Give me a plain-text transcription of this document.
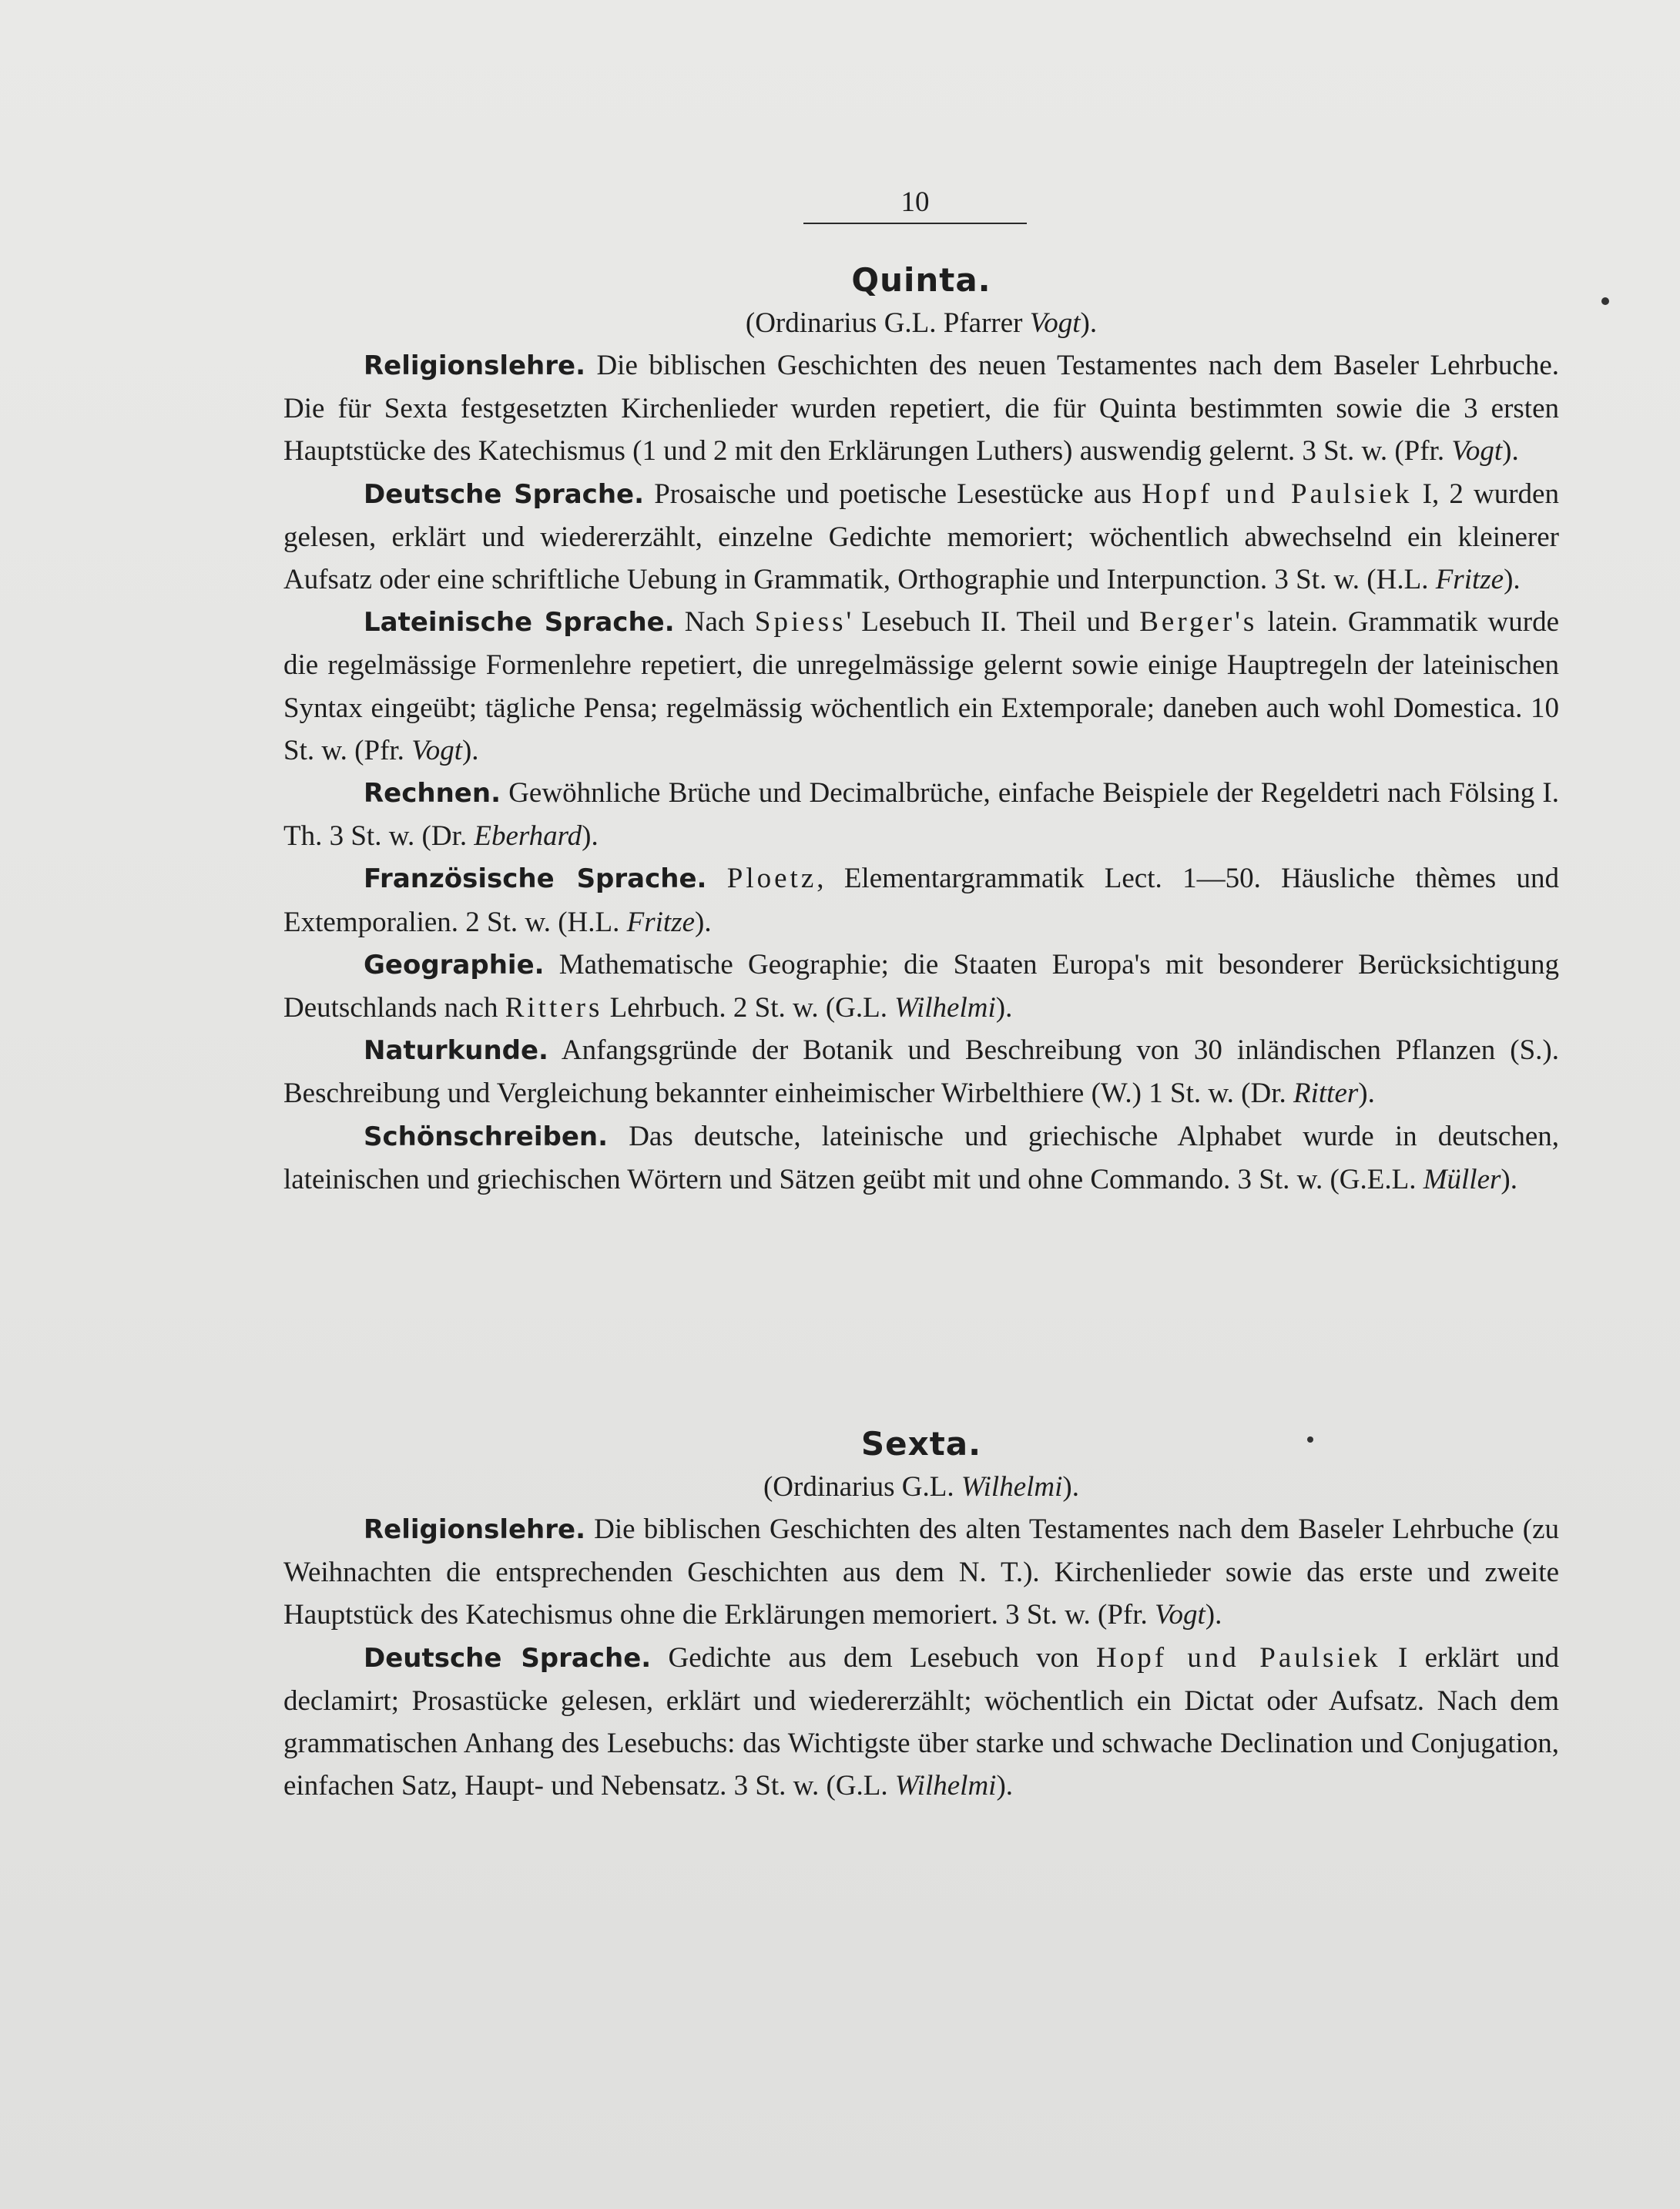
10
Quinta.

(Ordinarius G.L. Pfarrer Vogt).

Religionslehre. Die biblischen Geschichten des neuen Testamentes nach dem Baseler Lehrbuche. Die für Sexta festgesetzten Kirchenlieder wurden repetiert, die für Quinta bestimmten sowie die 3 ersten Hauptstücke des Katechismus (1 und 2 mit den Erklärungen Luthers) auswendig gelernt. 3 St. w. (Pfr. Vogt).

Deutsche Sprache. Prosaische und poetische Lesestücke aus Hopf und Paulsiek I, 2 wurden gelesen, erklärt und wiedererzählt, einzelne Gedichte memoriert; wöchentlich abwechselnd ein kleinerer Aufsatz oder eine schriftliche Uebung in Grammatik, Orthographie und Interpunction. 3 St. w. (H.L. Fritze).

Lateinische Sprache. Nach Spiess' Lesebuch II. Theil und Berger's latein. Grammatik wurde die regelmässige Formenlehre repetiert, die unregelmässige gelernt sowie einige Hauptregeln der lateinischen Syntax eingeübt; tägliche Pensa; regelmässig wöchentlich ein Extemporale; daneben auch wohl Domestica. 10 St. w. (Pfr. Vogt).

Rechnen. Gewöhnliche Brüche und Decimalbrüche, einfache Beispiele der Regeldetri nach Fölsing I. Th. 3 St. w. (Dr. Eberhard).

Französische Sprache. Ploetz, Elementargrammatik Lect. 1—50. Häusliche thèmes und Extemporalien. 2 St. w. (H.L. Fritze).

Geographie. Mathematische Geographie; die Staaten Europa's mit besonderer Berücksichtigung Deutschlands nach Ritters Lehrbuch. 2 St. w. (G.L. Wilhelmi).

Naturkunde. Anfangsgründe der Botanik und Beschreibung von 30 inländischen Pflanzen (S.). Beschreibung und Vergleichung bekannter einheimischer Wirbelthiere (W.) 1 St. w. (Dr. Ritter).

Schönschreiben. Das deutsche, lateinische und griechische Alphabet wurde in deutschen, lateinischen und griechischen Wörtern und Sätzen geübt mit und ohne Commando. 3 St. w. (G.E.L. Müller).

Sexta.

(Ordinarius G.L. Wilhelmi).

Religionslehre. Die biblischen Geschichten des alten Testamentes nach dem Baseler Lehrbuche (zu Weihnachten die entsprechenden Geschichten aus dem N. T.). Kirchenlieder sowie das erste und zweite Hauptstück des Katechismus ohne die Erklärungen memoriert. 3 St. w. (Pfr. Vogt).

Deutsche Sprache. Gedichte aus dem Lesebuch von Hopf und Paulsiek I erklärt und declamirt; Prosastücke gelesen, erklärt und wiedererzählt; wöchentlich ein Dictat oder Aufsatz. Nach dem grammatischen Anhang des Lesebuchs: das Wichtigste über starke und schwache Declination und Conjugation, einfachen Satz, Haupt- und Nebensatz. 3 St. w. (G.L. Wilhelmi).
